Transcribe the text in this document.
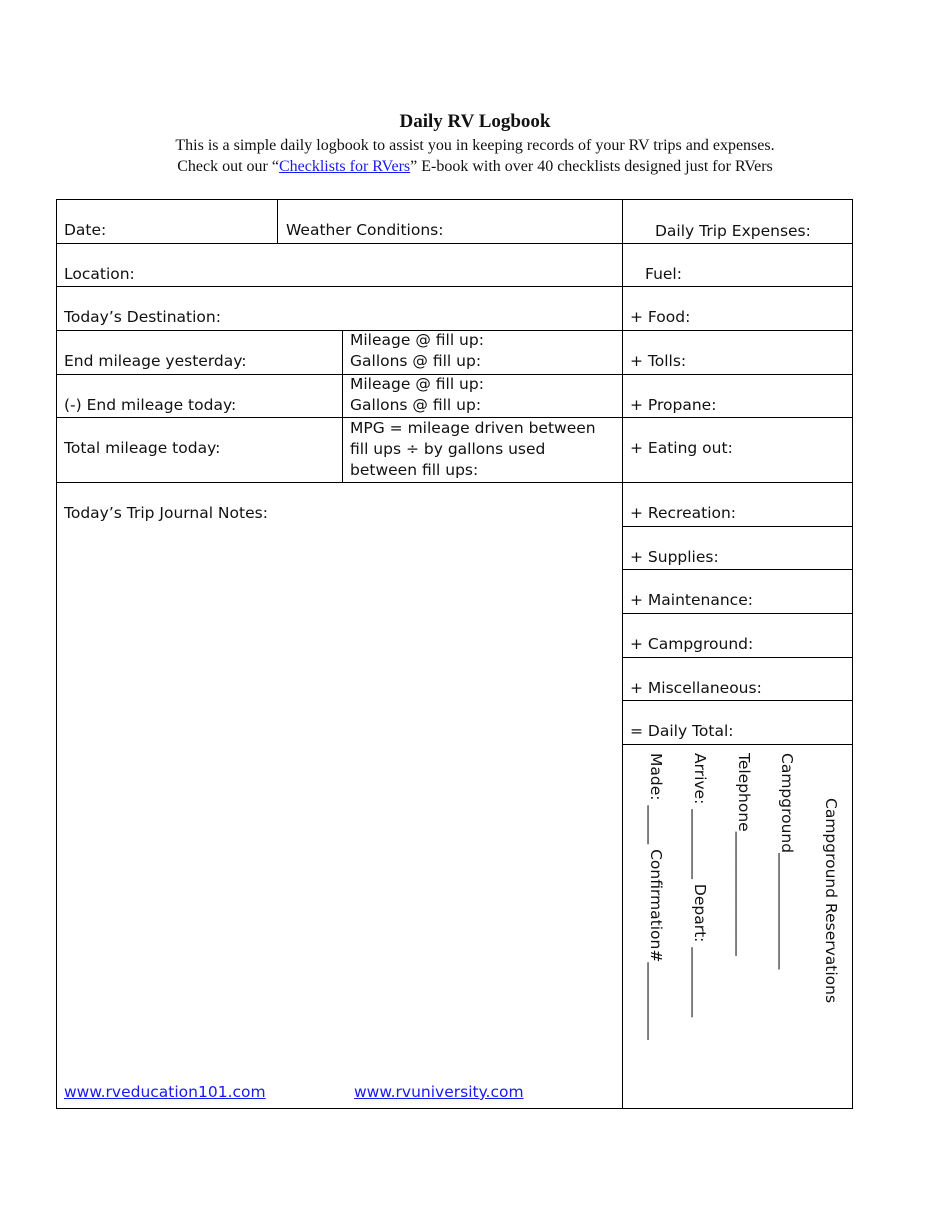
Daily RV Logbook
This is a simple daily logbook to assist you in keeping records of your RV trips and expenses.
Check out our “Checklists for RVers” E-book with over 40 checklists designed just for RVers
Date:	Weather Conditions:
Location:
Today’s Destination:
End mileage yesterday:
(-) End mileage today:
Total mileage today:
Mileage @ fill up:
Gallons @ fill up:
Mileage @ fill up:
Gallons @ fill up:
MPG = mileage driven between
fill ups ÷ by gallons used
between fill ups:
Today’s Trip Journal Notes:
Daily Trip Expenses:
Fuel:
+ Food:
+ Tolls:
+ Propane:
+ Eating out:
+ Recreation:
+ Supplies:
+ Maintenance:
+ Campground:
+ Miscellaneous:
= Daily Total:
Campground Reservations
Campground_______________
Telephone________________
Arrive: _________ Depart: _________
Made: _____ Confirmation#__________
www.rveducation101.com	www.rvuniversity.com
